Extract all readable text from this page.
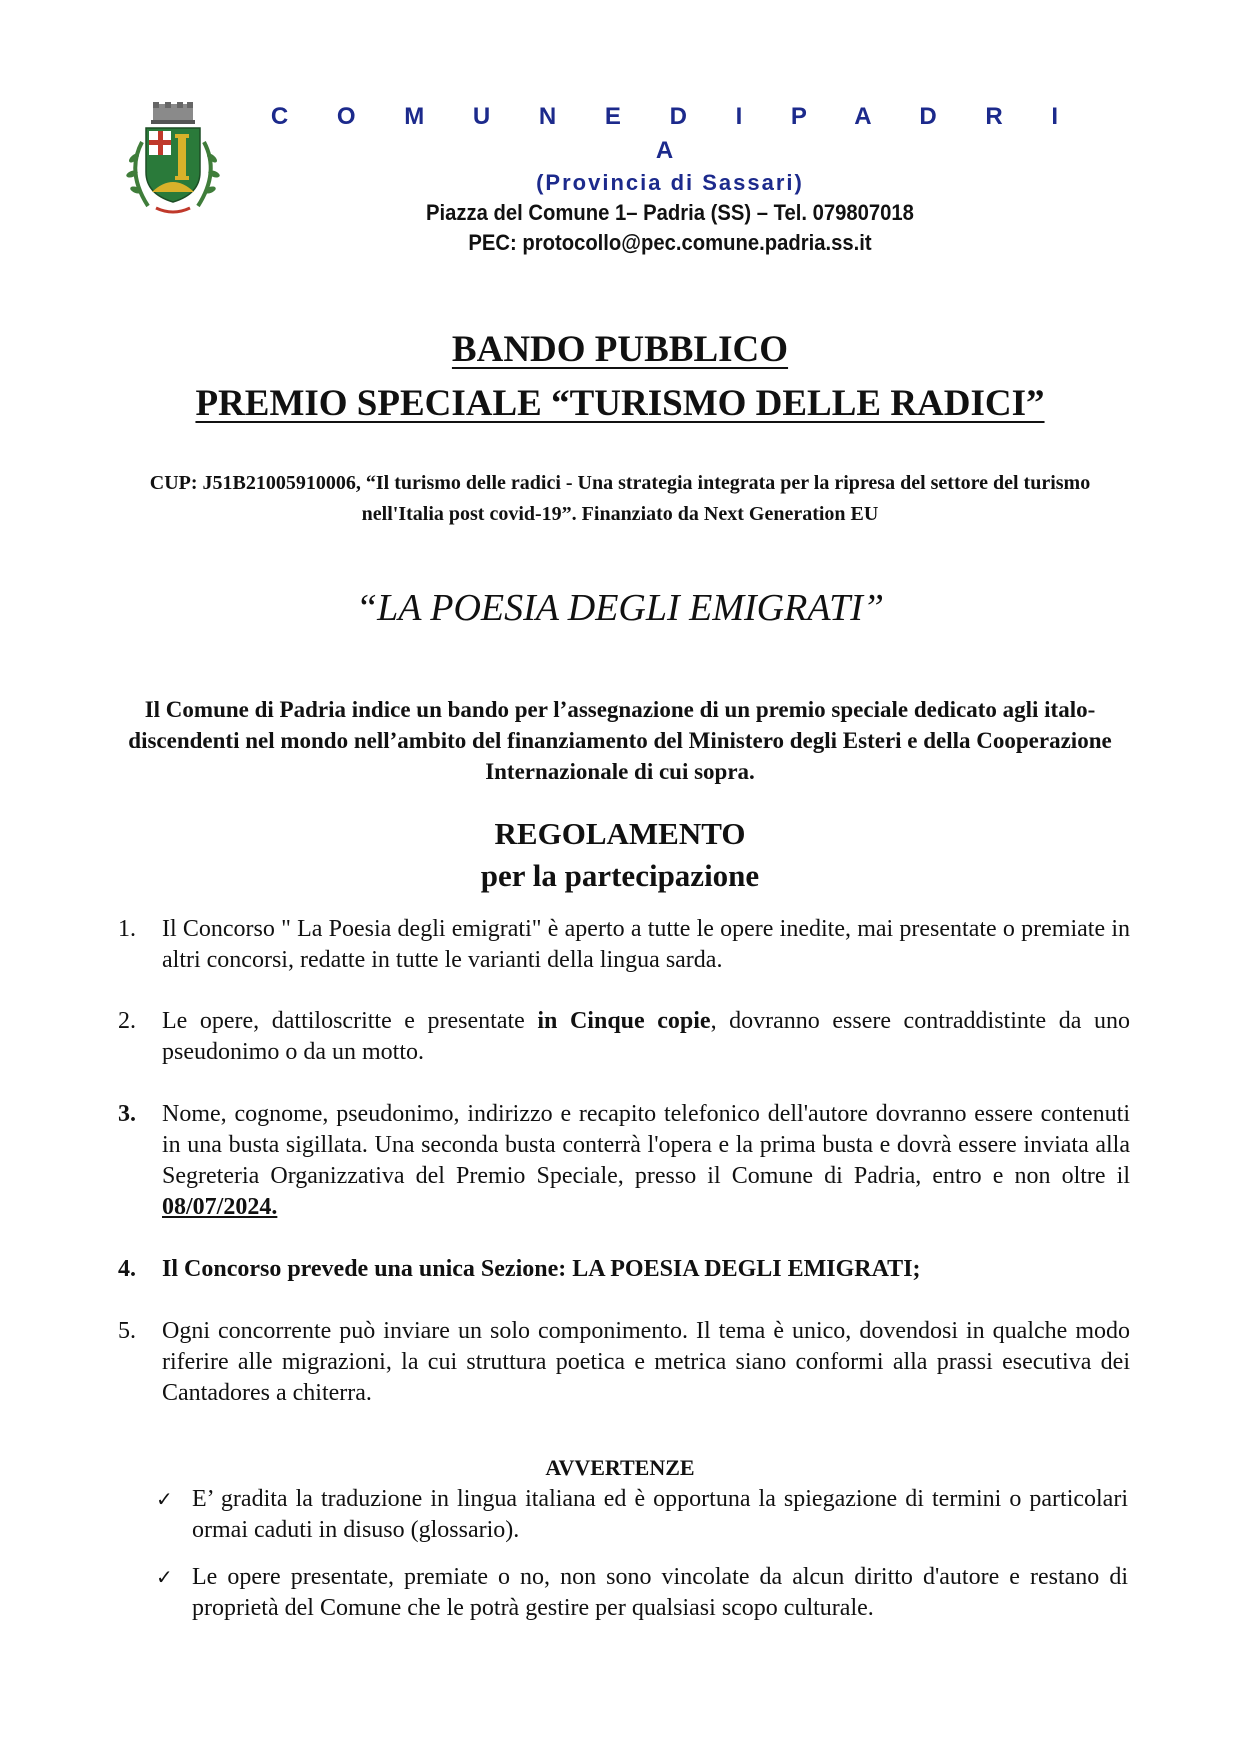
C O M U N E D I P A D R I A
(Provincia di Sassari)
Piazza del Comune 1– Padria (SS) – Tel. 079807018
PEC: protocollo@pec.comune.padria.ss.it
BANDO PUBBLICO
PREMIO SPECIALE “TURISMO DELLE RADICI”
CUP: J51B21005910006, “Il turismo delle radici - Una strategia integrata per la ripresa del settore del turismo nell'Italia post covid-19”. Finanziato da Next Generation EU
“LA POESIA DEGLI EMIGRATI”
Il Comune di Padria indice un bando per l’assegnazione di un premio speciale dedicato agli italo-discendenti nel mondo nell’ambito del finanziamento del Ministero degli Esteri e della Cooperazione Internazionale di cui sopra.
REGOLAMENTO
per la partecipazione
1.	Il Concorso " La Poesia degli emigrati" è aperto a tutte le opere inedite, mai presentate o premiate in altri concorsi, redatte in tutte le varianti della lingua sarda.
2.	Le opere, dattiloscritte e presentate in Cinque copie, dovranno essere contraddistinte da uno pseudonimo o da un motto.
3.	Nome, cognome, pseudonimo, indirizzo e recapito telefonico dell'autore dovranno essere contenuti in una busta sigillata. Una seconda busta conterrà l'opera e la prima busta e dovrà essere inviata alla Segreteria Organizzativa del Premio Speciale, presso il Comune di Padria, entro e non oltre il 08/07/2024.
4.	Il Concorso prevede una unica Sezione: LA POESIA DEGLI EMIGRATI;
5.	Ogni concorrente può inviare un solo componimento. Il tema è unico, dovendosi in qualche modo riferire alle migrazioni, la cui struttura poetica e metrica siano conformi alla prassi esecutiva dei Cantadores a chiterra.
AVVERTENZE
✓ E’ gradita la traduzione in lingua italiana ed è opportuna la spiegazione di termini o particolari ormai caduti in disuso (glossario).
✓ Le opere presentate, premiate o no, non sono vincolate da alcun diritto d'autore e restano di proprietà del Comune che le potrà gestire per qualsiasi scopo culturale.
